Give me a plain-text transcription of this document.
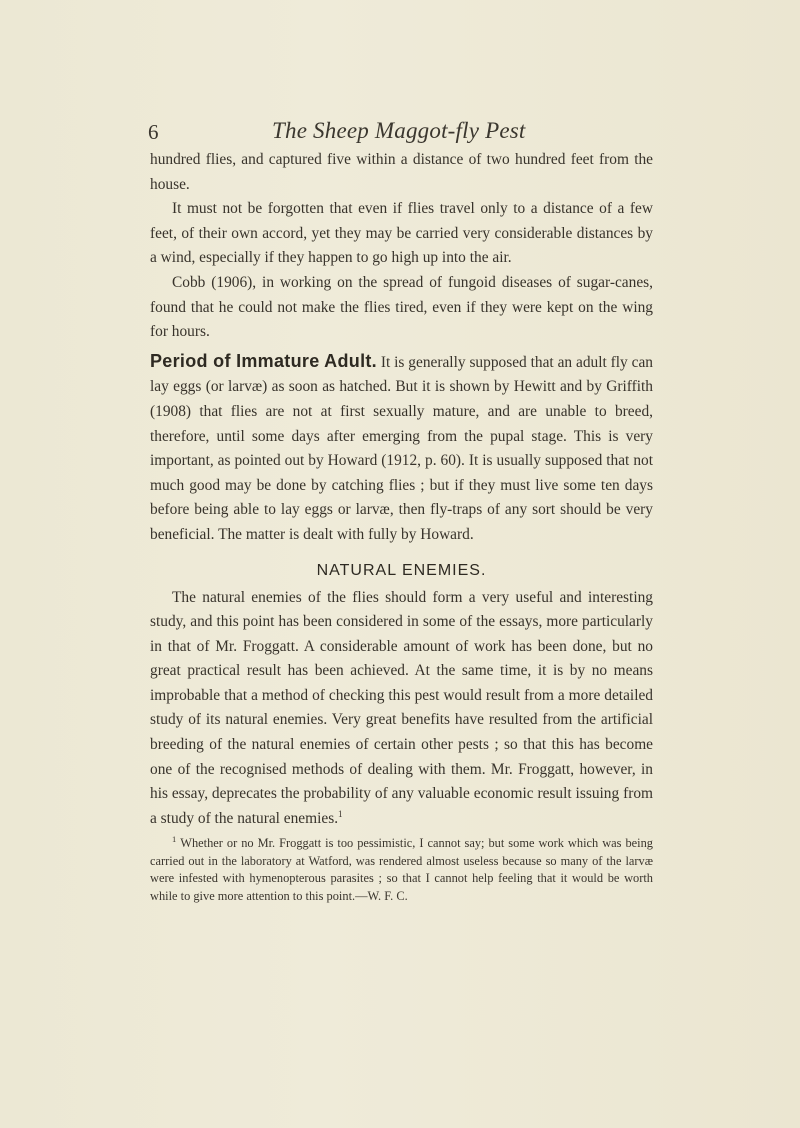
6	The Sheep Maggot-fly Pest

hundred flies, and captured five within a distance of two hundred feet from the house.

It must not be forgotten that even if flies travel only to a distance of a few feet, of their own accord, yet they may be carried very considerable distances by a wind, especially if they happen to go high up into the air.

Cobb (1906), in working on the spread of fungoid diseases of sugar-canes, found that he could not make the flies tired, even if they were kept on the wing for hours.

Period of Immature Adult. It is generally supposed that an adult fly can lay eggs (or larvæ) as soon as hatched. But it is shown by Hewitt and by Griffith (1908) that flies are not at first sexually mature, and are unable to breed, therefore, until some days after emerging from the pupal stage. This is very important, as pointed out by Howard (1912, p. 60). It is usually supposed that not much good may be done by catching flies ; but if they must live some ten days before being able to lay eggs or larvæ, then fly-traps of any sort should be very beneficial. The matter is dealt with fully by Howard.

NATURAL ENEMIES.

The natural enemies of the flies should form a very useful and interesting study, and this point has been considered in some of the essays, more particularly in that of Mr. Froggatt. A considerable amount of work has been done, but no great practical result has been achieved. At the same time, it is by no means improbable that a method of checking this pest would result from a more detailed study of its natural enemies. Very great benefits have resulted from the artificial breeding of the natural enemies of certain other pests ; so that this has become one of the recognised methods of dealing with them. Mr. Froggatt, however, in his essay, deprecates the probability of any valuable economic result issuing from a study of the natural enemies.$^1$

$^1$ Whether or no Mr. Froggatt is too pessimistic, I cannot say; but some work which was being carried out in the laboratory at Watford, was rendered almost useless because so many of the larvæ were infested with hymenopterous parasites ; so that I cannot help feeling that it would be worth while to give more attention to this point.—W. F. C.
